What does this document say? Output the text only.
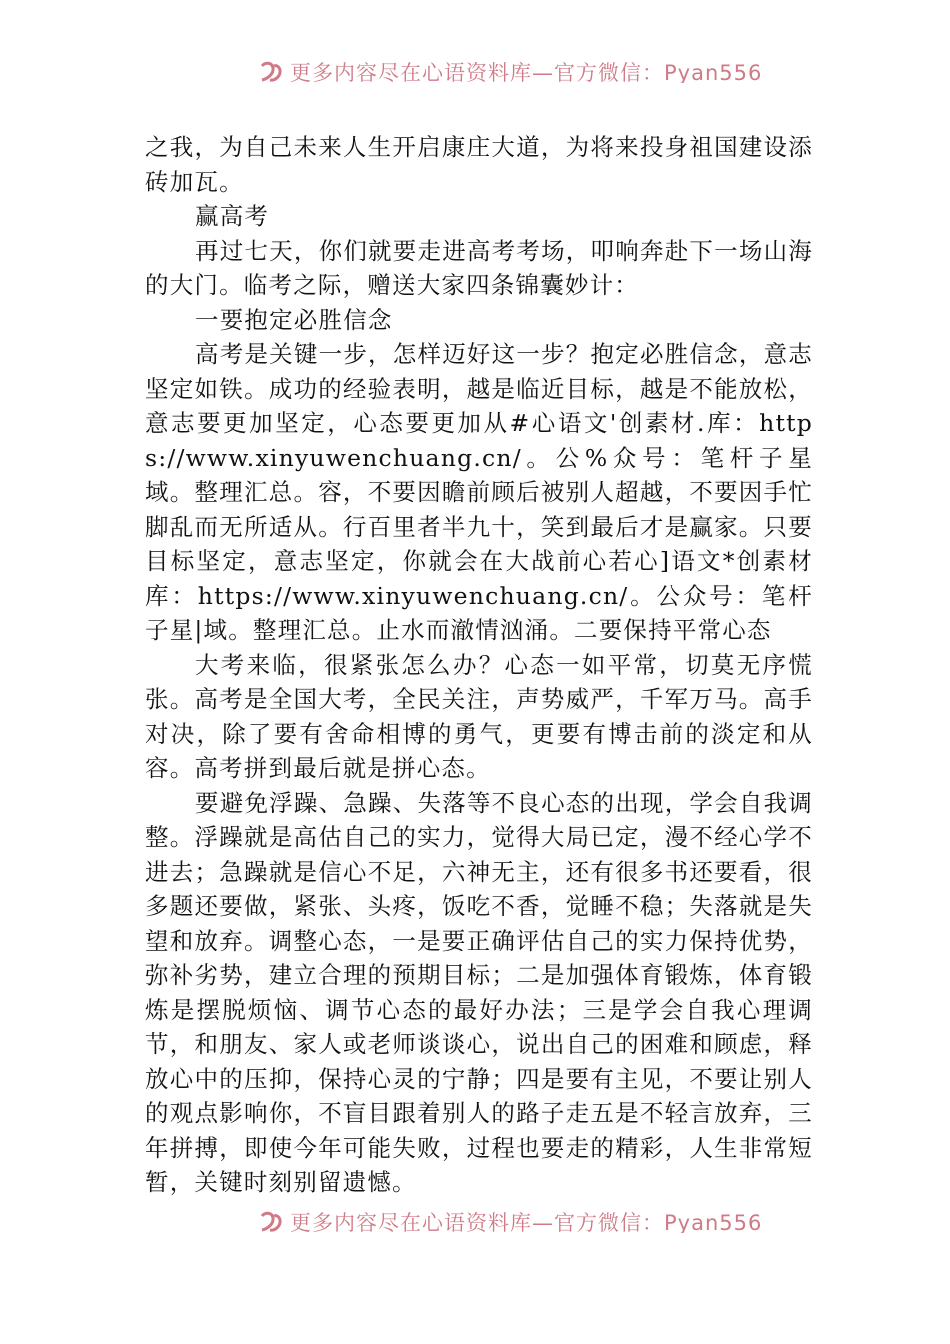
更多内容尽在心语资料库—官方微信：Pyan556

之我，为自己未来人生开启康庄大道，为将来投身祖国建设添砖加瓦。

赢高考

再过七天，你们就要走进高考考场，叩响奔赴下一场山海的大门。临考之际，赠送大家四条锦囊妙计：

一要抱定必胜信念

高考是关键一步，怎样迈好这一步？抱定必胜信念，意志坚定如铁。成功的经验表明，越是临近目标，越是不能放松，意志要更加坚定，心态要更加从#心语文'创素材.库：https://www.xinyuwenchuang.cn/。公%众号：笔杆子星域。整理汇总。容，不要因瞻前顾后被别人超越，不要因手忙脚乱而无所适从。行百里者半九十，笑到最后才是赢家。只要目标坚定，意志坚定，你就会在大战前心若心]语文*创素材库：https://www.xinyuwenchuang.cn/。公众号：笔杆子星|域。整理汇总。止水而澈情汹涌。二要保持平常心态

大考来临，很紧张怎么办？心态一如平常，切莫无序慌张。高考是全国大考，全民关注，声势威严，千军万马。高手对决，除了要有舍命相博的勇气，更要有博击前的淡定和从容。高考拼到最后就是拼心态。

要避免浮躁、急躁、失落等不良心态的出现，学会自我调整。浮躁就是高估自己的实力，觉得大局已定，漫不经心学不进去；急躁就是信心不足，六神无主，还有很多书还要看，很多题还要做，紧张、头疼，饭吃不香，觉睡不稳；失落就是失望和放弃。调整心态，一是要正确评估自己的实力保持优势，弥补劣势，建立合理的预期目标；二是加强体育锻炼，体育锻炼是摆脱烦恼、调节心态的最好办法；三是学会自我心理调节，和朋友、家人或老师谈谈心，说出自己的困难和顾虑，释放心中的压抑，保持心灵的宁静；四是要有主见，不要让别人的观点影响你，不盲目跟着别人的路子走五是不轻言放弃，三年拼搏，即使今年可能失败，过程也要走的精彩，人生非常短暂，关键时刻别留遗憾。

更多内容尽在心语资料库—官方微信：Pyan556
